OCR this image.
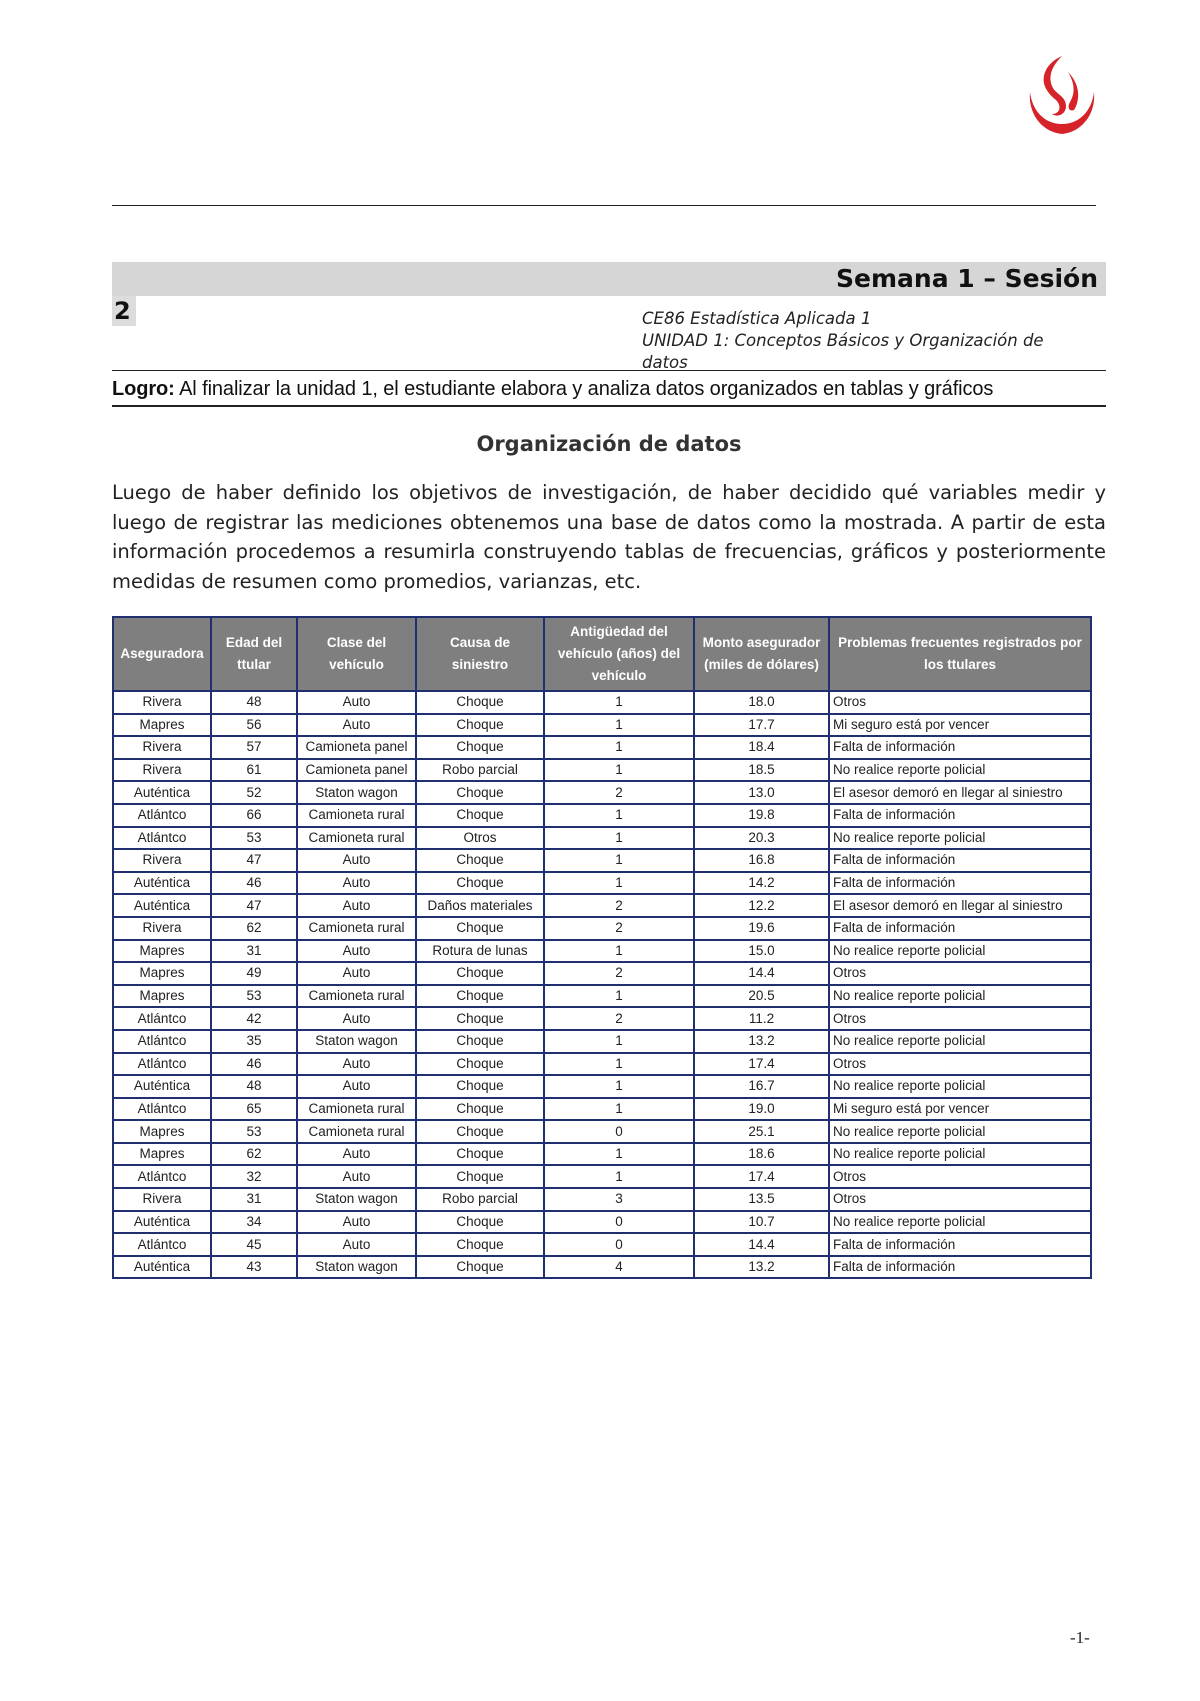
Semana 1 – Sesión
2	CE86 Estadística Aplicada 1
UNIDAD 1: Conceptos Básicos y Organización de datos
Logro: Al finalizar la unidad 1, el estudiante elabora y analiza datos organizados en tablas y gráficos
Organización de datos
Luego de haber definido los objetivos de investigación, de haber decidido qué variables medir y luego de registrar las mediciones obtenemos una base de datos como la mostrada. A partir de esta información procedemos a resumirla construyendo tablas de frecuencias, gráficos y posteriormente medidas de resumen como promedios, varianzas, etc.
Aseguradora	Edad del ttular	Clase del vehículo	Causa de siniestro	Antigüedad del vehículo (años) del vehículo	Monto asegurador (miles de dólares)	Problemas frecuentes registrados por los ttulares
Rivera	48	Auto	Choque	1	18.0	Otros
Mapres	56	Auto	Choque	1	17.7	Mi seguro está por vencer
Rivera	57	Camioneta panel	Choque	1	18.4	Falta de información
Rivera	61	Camioneta panel	Robo parcial	1	18.5	No realice reporte policial
Auténtica	52	Staton wagon	Choque	2	13.0	El asesor demoró en llegar al siniestro
Atlántco	66	Camioneta rural	Choque	1	19.8	Falta de información
Atlántco	53	Camioneta rural	Otros	1	20.3	No realice reporte policial
Rivera	47	Auto	Choque	1	16.8	Falta de información
Auténtica	46	Auto	Choque	1	14.2	Falta de información
Auténtica	47	Auto	Daños materiales	2	12.2	El asesor demoró en llegar al siniestro
Rivera	62	Camioneta rural	Choque	2	19.6	Falta de información
Mapres	31	Auto	Rotura de lunas	1	15.0	No realice reporte policial
Mapres	49	Auto	Choque	2	14.4	Otros
Mapres	53	Camioneta rural	Choque	1	20.5	No realice reporte policial
Atlántco	42	Auto	Choque	2	11.2	Otros
Atlántco	35	Staton wagon	Choque	1	13.2	No realice reporte policial
Atlántco	46	Auto	Choque	1	17.4	Otros
Auténtica	48	Auto	Choque	1	16.7	No realice reporte policial
Atlántco	65	Camioneta rural	Choque	1	19.0	Mi seguro está por vencer
Mapres	53	Camioneta rural	Choque	0	25.1	No realice reporte policial
Mapres	62	Auto	Choque	1	18.6	No realice reporte policial
Atlántco	32	Auto	Choque	1	17.4	Otros
Rivera	31	Staton wagon	Robo parcial	3	13.5	Otros
Auténtica	34	Auto	Choque	0	10.7	No realice reporte policial
Atlántco	45	Auto	Choque	0	14.4	Falta de información
Auténtica	43	Staton wagon	Choque	4	13.2	Falta de información
-1-
